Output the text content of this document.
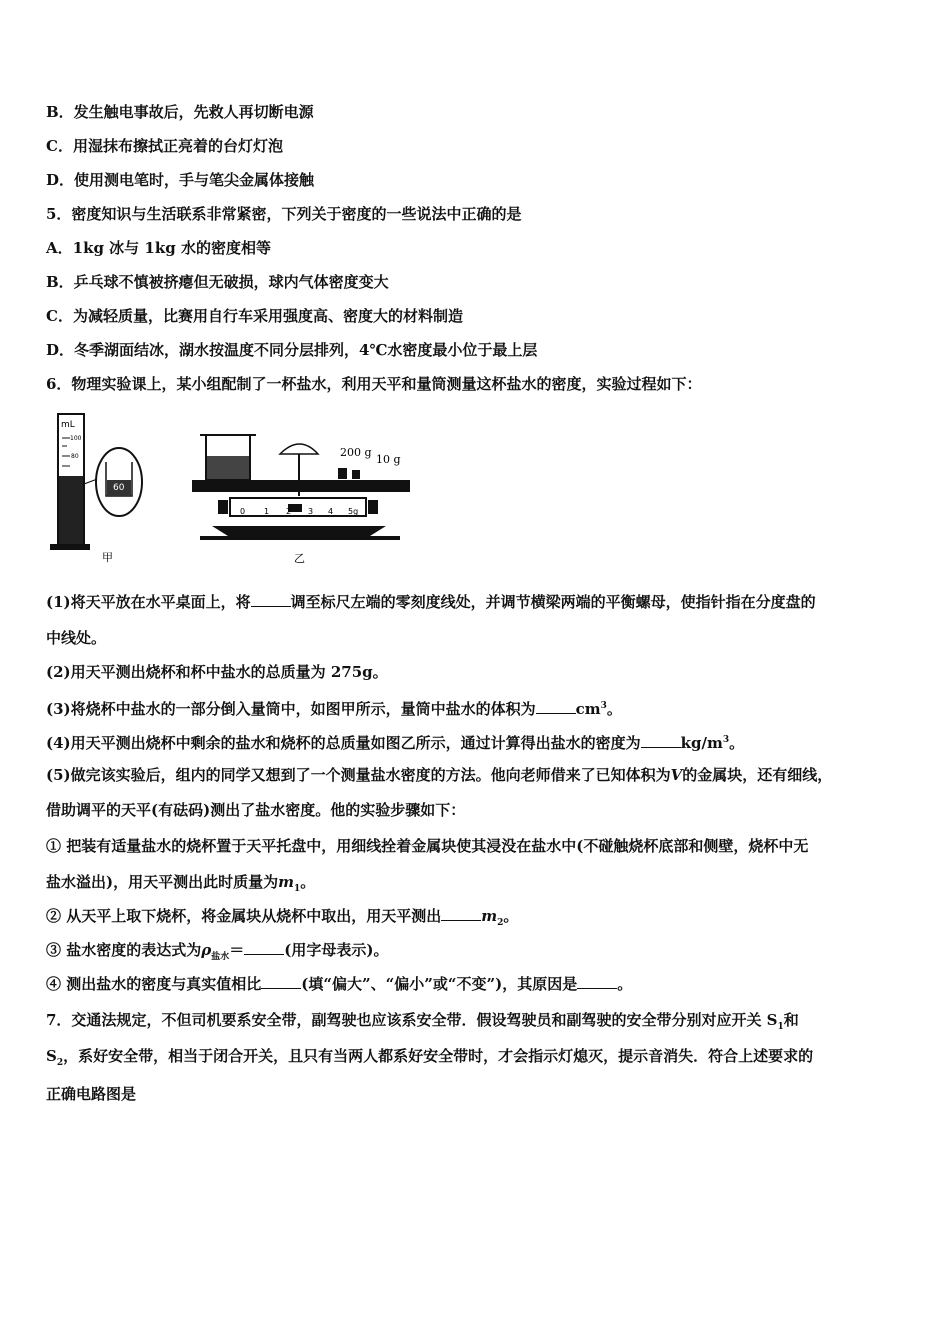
B．发生触电事故后，先救人再切断电源
C．用湿抹布擦拭正亮着的台灯灯泡
D．使用测电笔时，手与笔尖金属体接触
5．密度知识与生活联系非常紧密，下列关于密度的一些说法中正确的是
A．1kg 冰与 1kg 水的密度相等
B．乒乓球不慎被挤瘪但无破损，球内气体密度变大
C．为减轻质量，比赛用自行车采用强度高、密度大的材料制造
D．冬季湖面结冰，湖水按温度不同分层排列，4℃水密度最小位于最上层
6．物理实验课上，某小组配制了一杯盐水，利用天平和量筒测量这杯盐水的密度，实验过程如下：
mL
100
80
60
200 g
10 g
0 1 2 3 4 5g
甲	乙
(1)将天平放在水平桌面上，将	调至标尺左端的零刻度线处，并调节横梁两端的平衡螺母，使指针指在分度盘的
中线处。
(2)用天平测出烧杯和杯中盐水的总质量为 275g。
(3)将烧杯中盐水的一部分倒入量筒中，如图甲所示，量筒中盐水的体积为	$cm^3$。
(4)用天平测出烧杯中剩余的盐水和烧杯的总质量如图乙所示，通过计算得出盐水的密度为	$kg/m^3$。
(5)做完该实验后，组内的同学又想到了一个测量盐水密度的方法。他向老师借来了已知体积为V的金属块，还有细线，
借助调平的天平(有砝码)测出了盐水密度。他的实验步骤如下：
① 把装有适量盐水的烧杯置于天平托盘中，用细线拴着金属块使其浸没在盐水中(不碰触烧杯底部和侧壁，烧杯中无
盐水溢出)，用天平测出此时质量为$m_1$。
② 从天平上取下烧杯，将金属块从烧杯中取出，用天平测出	$m_2$。
③ 盐水密度的表达式为$\rho_{盐水}=$	(用字母表示)。
④ 测出盐水的密度与真实值相比	(填“偏大”、“偏小”或“不变”)，其原因是	。
7．交通法规定，不但司机要系安全带，副驾驶也应该系安全带．假设驾驶员和副驾驶的安全带分别对应开关 $S_1$和
$S_2$，系好安全带，相当于闭合开关，且只有当两人都系好安全带时，才会指示灯熄灭，提示音消失．符合上述要求的
正确电路图是
